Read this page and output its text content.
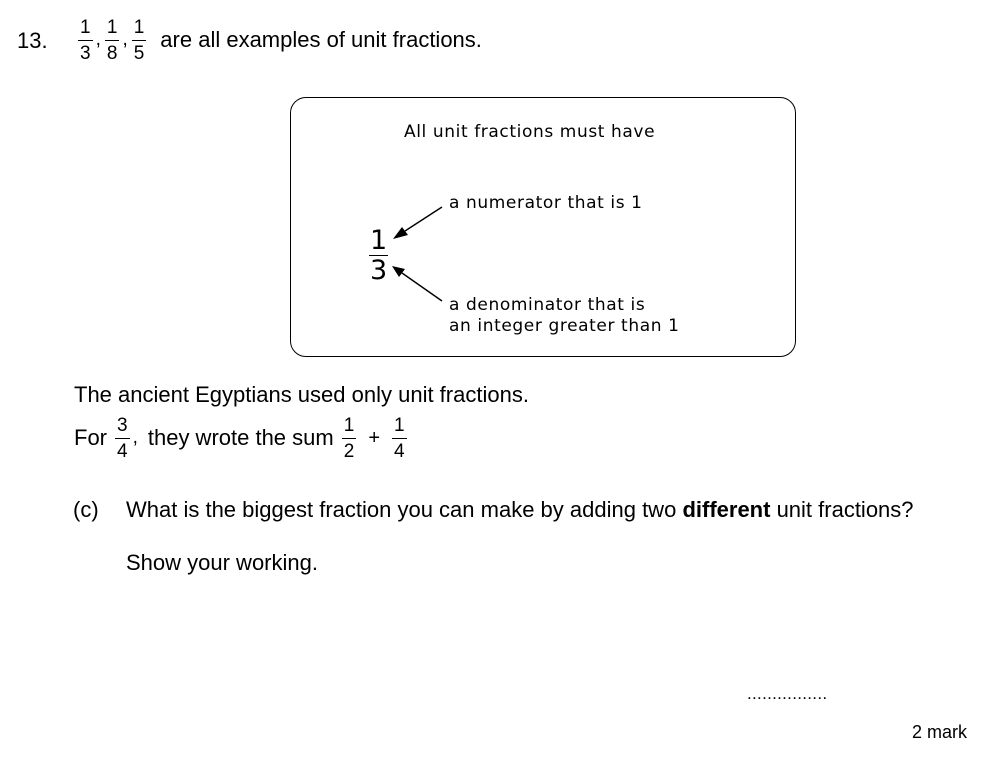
13. $\frac{1}{3}$ , $\frac{1}{8}$ , $\frac{1}{5}$ are all examples of unit fractions.
All unit fractions must have
$\frac{1}{3}$
a numerator that is 1
a denominator that is
an integer greater than 1
The ancient Egyptians used only unit fractions.
For $\frac{3}{4}$ , they wrote the sum $\frac{1}{2} + \frac{1}{4}$
(c) What is the biggest fraction you can make by adding two different unit fractions?
Show your working.
................
2 mark
